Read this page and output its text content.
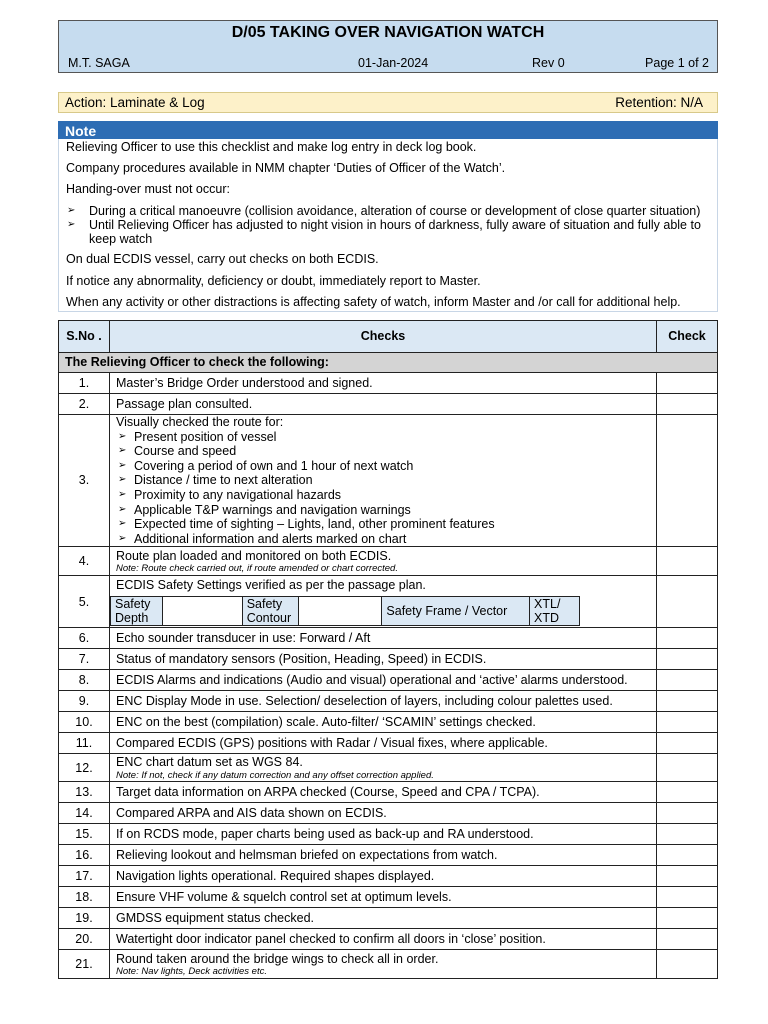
D/05 TAKING OVER NAVIGATION WATCH
M.T. SAGA	01-Jan-2024	Rev 0	Page 1 of 2
Action: Laminate & Log	Retention: N/A
Note
Relieving Officer to use this checklist and make log entry in deck log book.
Company procedures available in NMM chapter ‘Duties of Officer of the Watch’.
Handing-over must not occur:
➢ During a critical manoeuvre (collision avoidance, alteration of course or development of close quarter situation)
➢ Until Relieving Officer has adjusted to night vision in hours of darkness, fully aware of situation and fully able to keep watch
On dual ECDIS vessel, carry out checks on both ECDIS.
If notice any abnormality, deficiency or doubt, immediately report to Master.
When any activity or other distractions is affecting safety of watch, inform Master and /or call for additional help.
S.No .	Checks	Check
The Relieving Officer to check the following:
1.	Master’s Bridge Order understood and signed.	
2.	Passage plan consulted.	
3.	
Visually checked the route for:
➢ Present position of vessel
➢ Course and speed
➢ Covering a period of own and 1 hour of next watch
➢ Distance / time to next alteration
➢ Proximity to any navigational hazards
➢ Applicable T&P warnings and navigation warnings
➢ Expected time of sighting – Lights, land, other prominent features
➢ Additional information and alerts marked on chart

4.	Route plan loaded and monitored on both ECDIS.
Note: Route check carried out, if route amended or chart corrected.

5.	
ECDIS Safety Settings verified as per the passage plan.
Safety Depth		Safety Contour		Safety Frame / Vector	XTL/ XTD

6.	Echo sounder transducer in use: Forward / Aft	
7.	Status of mandatory sensors (Position, Heading, Speed) in ECDIS.	
8.	ECDIS Alarms and indications (Audio and visual) operational and ‘active’ alarms understood.	
9.	ENC Display Mode in use. Selection/ deselection of layers, including colour palettes used.	
10.	ENC on the best (compilation) scale. Auto-filter/ ‘SCAMIN’ settings checked.	
11.	Compared ECDIS (GPS) positions with Radar / Visual fixes, where applicable.	
12.	ENC chart datum set as WGS 84.
Note: If not, check if any datum correction and any offset correction applied.

13.	Target data information on ARPA checked (Course, Speed and CPA / TCPA).	
14.	Compared ARPA and AIS data shown on ECDIS.	
15.	If on RCDS mode, paper charts being used as back-up and RA understood.	
16.	Relieving lookout and helmsman briefed on expectations from watch.	
17.	Navigation lights operational. Required shapes displayed.	
18.	Ensure VHF volume & squelch control set at optimum levels.	
19.	GMDSS equipment status checked.	
20.	Watertight door indicator panel checked to confirm all doors in ‘close’ position.	
21.	Round taken around the bridge wings to check all in order.
Note: Nav lights, Deck activities etc.
